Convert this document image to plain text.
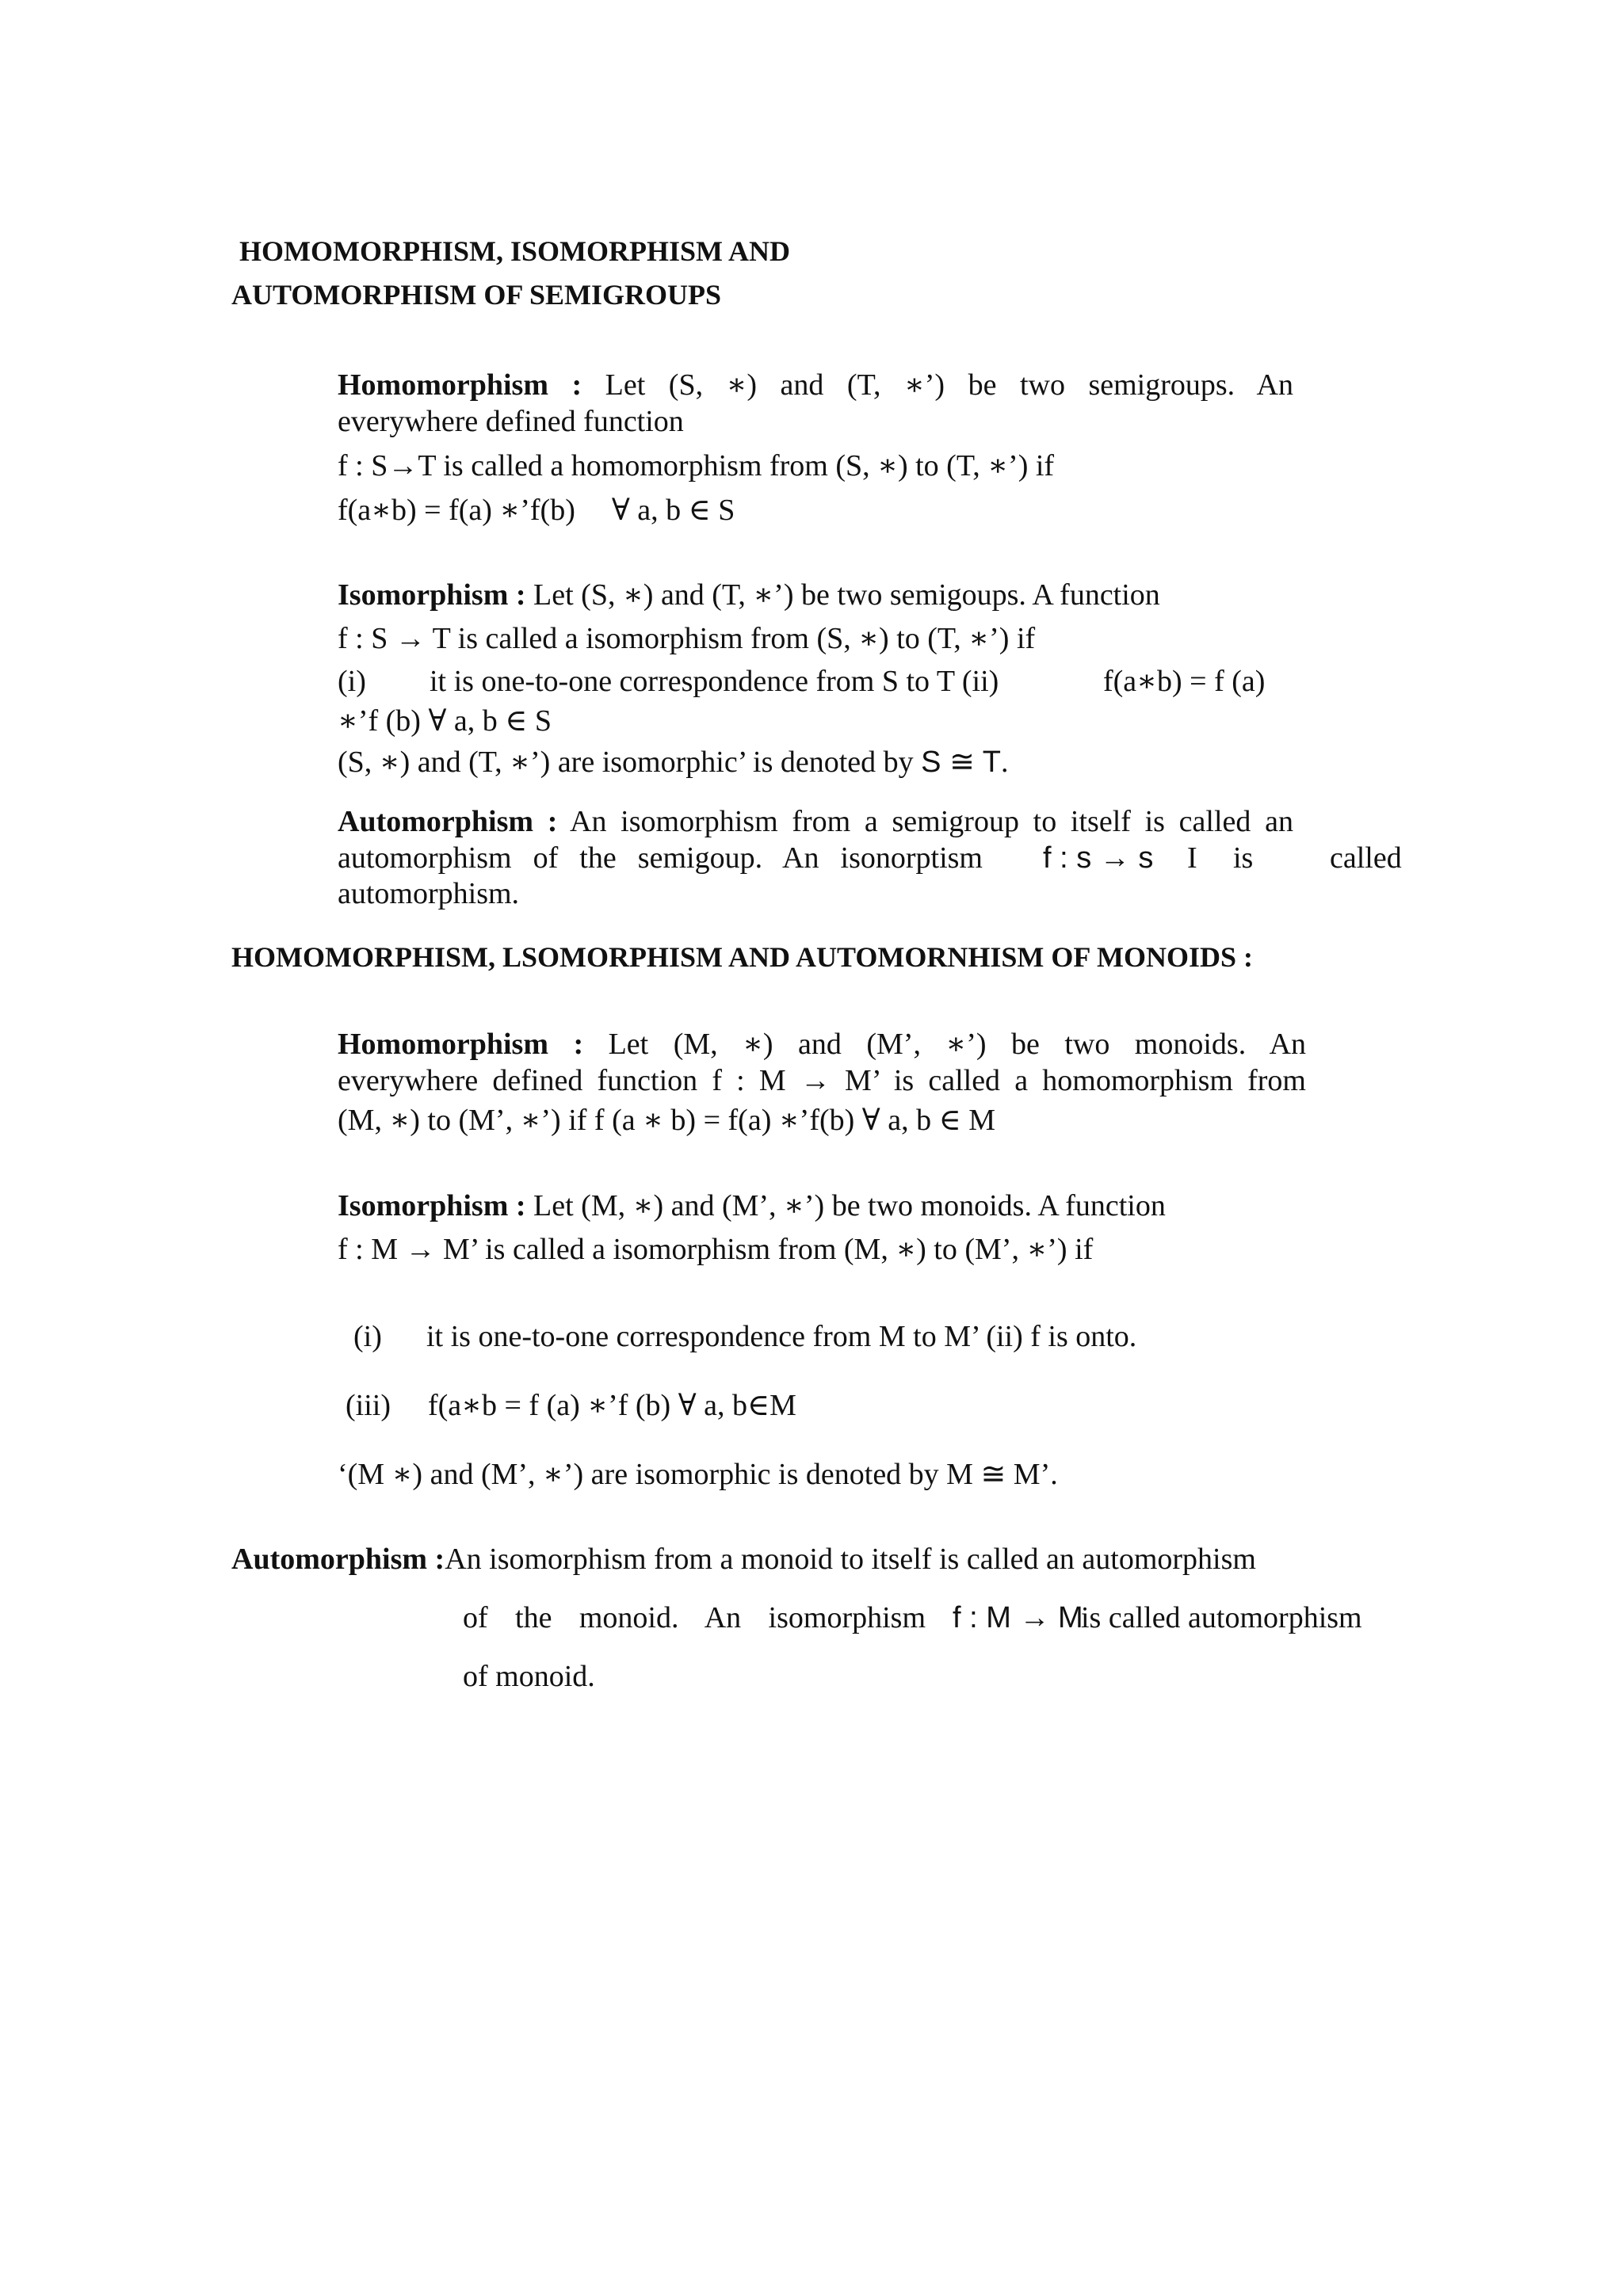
HOMOMORPHISM, ISOMORPHISM AND
AUTOMORPHISM OF SEMIGROUPS
Homomorphism : Let (S, ∗) and (T, ∗’) be two semigroups. An
everywhere defined function
f : S→T is called a homomorphism from (S, ∗) to (T, ∗’) if
f(a∗b) = f(a) ∗’f(b) ∀ a, b ∈ S
Isomorphism : Let (S, ∗) and (T, ∗’) be two semigoups. A function
f : S → T is called a isomorphism from (S, ∗) to (T, ∗’) if
(i) it is one-to-one correspondence from S to T (ii)	f(a∗b) = f (a)
∗’f (b) ∀ a, b ∈ S
(S, ∗) and (T, ∗’) are isomorphic’ is denoted by S ≅ T.
Automorphism : An isomorphism from a semigroup to itself is called an
automorphism of the semigoup. An isonorptism f : s → s I is	called
automorphism.
HOMOMORPHISM, LSOMORPHISM AND AUTOMORNHISM OF MONOIDS :
Homomorphism : Let (M, ∗) and (M’, ∗’) be two monoids. An
everywhere defined function f : M → M’ is called a homomorphism from
(M, ∗) to (M’, ∗’) if f (a ∗ b) = f(a) ∗’f(b) ∀ a, b ∈ M
Isomorphism : Let (M, ∗) and (M’, ∗’) be two monoids. A function
f : M → M’ is called a isomorphism from (M, ∗) to (M’, ∗’) if
(i) it is one-to-one correspondence from M to M’ (ii) f is onto.
(iii) f(a∗b = f (a) ∗’f (b) ∀ a, b∈M
‘(M ∗) and (M’, ∗’) are isomorphic is denoted by M ≅ M’.
Automorphism :An isomorphism from a monoid to itself is called an automorphism
of the monoid. An isomorphism f : M → M
is called automorphism
of monoid.
